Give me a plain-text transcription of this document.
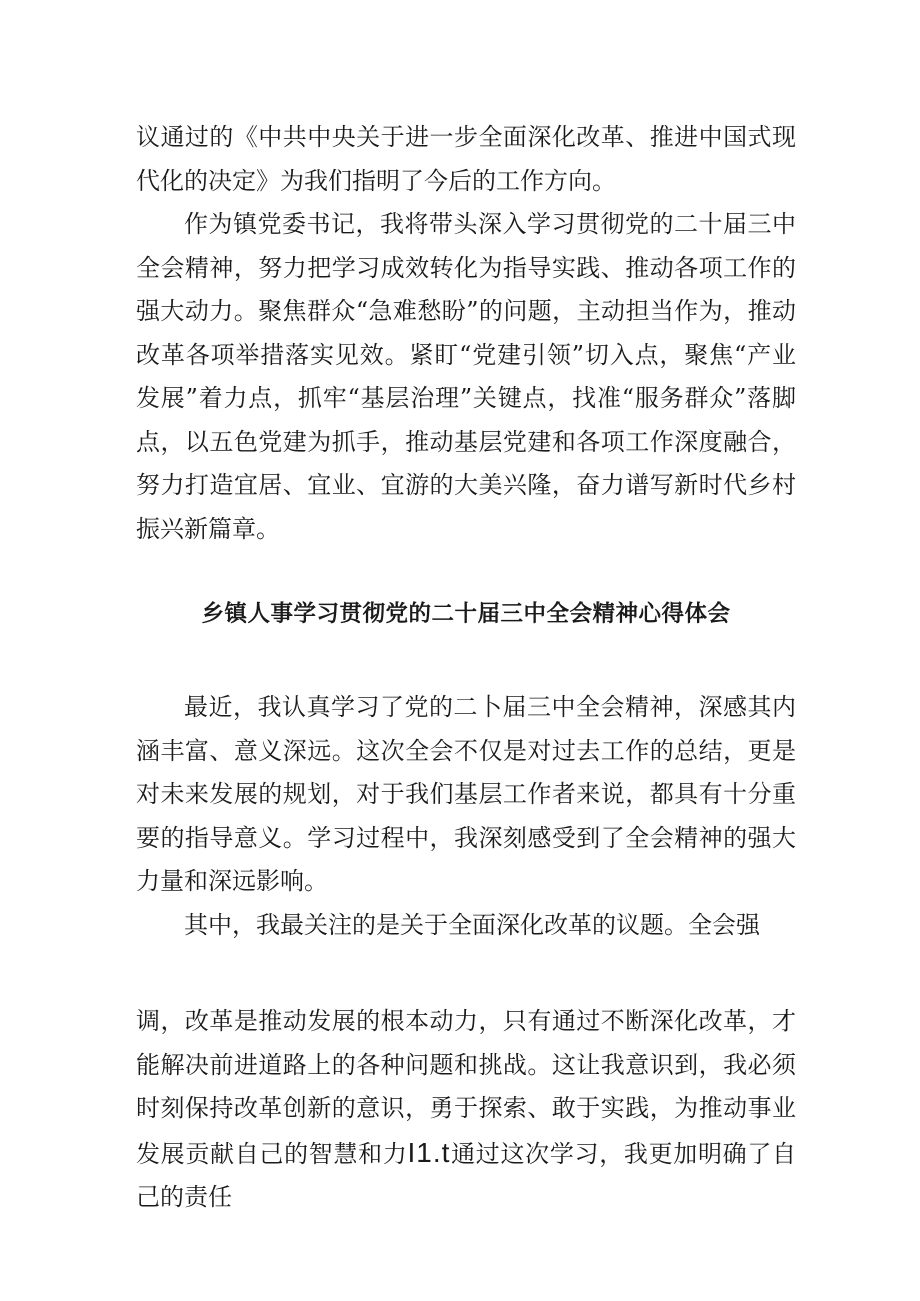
议通过的《中共中央关于进一步全面深化改革、推进中国式现代化的决定》为我们指明了今后的工作方向。

作为镇党委书记，我将带头深入学习贯彻党的二十届三中全会精神，努力把学习成效转化为指导实践、推动各项工作的强大动力。聚焦群众“急难愁盼”的问题，主动担当作为，推动改革各项举措落实见效。紧盯“党建引领”切入点，聚焦“产业发展”着力点，抓牢“基层治理”关键点，找准“服务群众”落脚点，以五色党建为抓手，推动基层党建和各项工作深度融合，努力打造宜居、宜业、宜游的大美兴隆，奋力谱写新时代乡村振兴新篇章。

乡镇人事学习贯彻党的二十届三中全会精神心得体会

最近，我认真学习了党的二卜届三中全会精神，深感其内涵丰富、意义深远。这次全会不仅是对过去工作的总结，更是对未来发展的规划，对于我们基层工作者来说，都具有十分重要的指导意义。学习过程中，我深刻感受到了全会精神的强大力量和深远影响。

其中，我最关注的是关于全面深化改革的议题。全会强

调，改革是推动发展的根本动力，只有通过不断深化改革，才能解决前进道路上的各种问题和挑战。这让我意识到，我必须时刻保持改革创新的意识，勇于探索、敢于实践，为推动事业发展贡献自己的智慧和力I1.t通过这次学习，我更加明确了自己的责任
